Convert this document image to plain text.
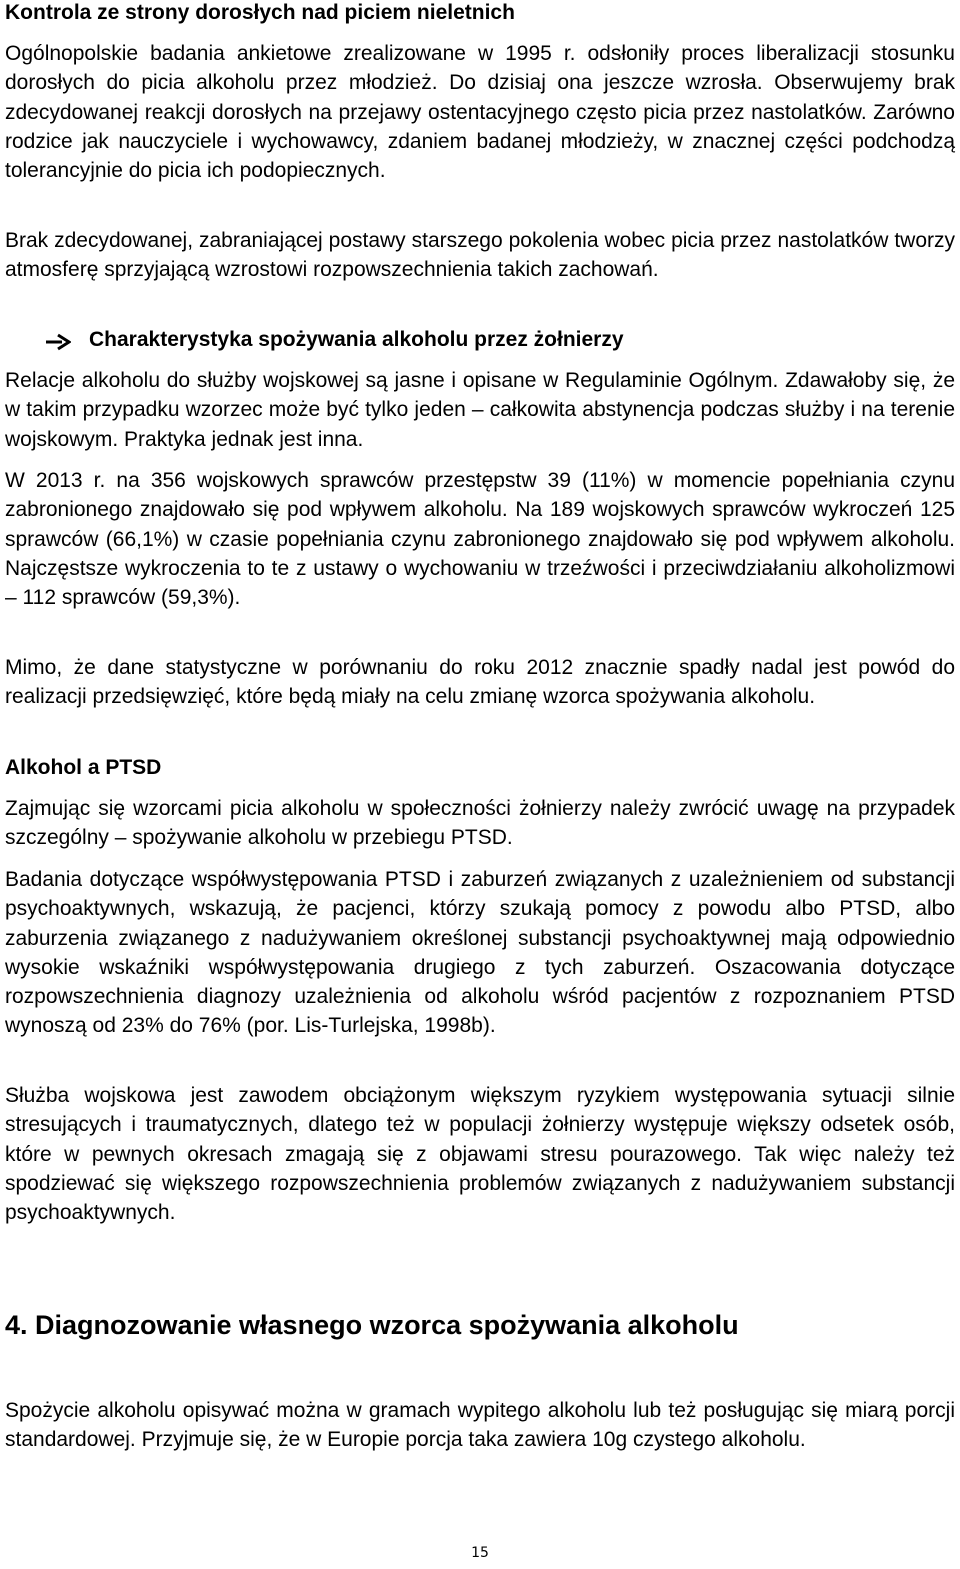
Kontrola ze strony dorosłych nad piciem nieletnich

Ogólnopolskie badania ankietowe zrealizowane w 1995 r. odsłoniły proces liberalizacji stosunku dorosłych do picia alkoholu przez młodzież. Do dzisiaj ona jeszcze wzrosła. Obserwujemy brak zdecydowanej reakcji dorosłych na przejawy ostentacyjnego często picia przez nastolatków. Zarówno rodzice jak nauczyciele i wychowawcy, zdaniem badanej młodzieży, w znacznej części podchodzą tolerancyjnie do picia ich podopiecznych.

Brak zdecydowanej, zabraniającej postawy starszego pokolenia wobec picia przez nastolatków tworzy atmosferę sprzyjającą wzrostowi rozpowszechnienia takich zachowań.

Charakterystyka spożywania alkoholu przez żołnierzy

Relacje alkoholu do służby wojskowej są jasne i opisane w Regulaminie Ogólnym. Zdawałoby się, że w takim przypadku wzorzec może być tylko jeden – całkowita abstynencja podczas służby i na terenie wojskowym. Praktyka jednak jest inna.

W 2013 r. na 356 wojskowych sprawców przestępstw 39 (11%) w momencie popełniania czynu zabronionego znajdowało się pod wpływem alkoholu. Na 189 wojskowych sprawców wykroczeń 125 sprawców (66,1%) w czasie popełniania czynu zabronionego znajdowało się pod wpływem alkoholu. Najczęstsze wykroczenia to te z ustawy o wychowaniu w trzeźwości i przeciwdziałaniu alkoholizmowi – 112 sprawców (59,3%).

Mimo, że dane statystyczne w porównaniu do roku 2012 znacznie spadły nadal jest powód do realizacji przedsięwzięć, które będą miały na celu zmianę wzorca spożywania alkoholu.

Alkohol a PTSD

Zajmując się wzorcami picia alkoholu w społeczności żołnierzy należy zwrócić uwagę na przypadek szczególny – spożywanie alkoholu w przebiegu PTSD.

Badania dotyczące współwystępowania PTSD i zaburzeń związanych z uzależnieniem od substancji psychoaktywnych, wskazują, że pacjenci, którzy szukają pomocy z powodu albo PTSD, albo zaburzenia związanego z nadużywaniem określonej substancji psychoaktywnej mają odpowiednio wysokie wskaźniki współwystępowania drugiego z tych zaburzeń. Oszacowania dotyczące rozpowszechnienia diagnozy uzależnienia od alkoholu wśród pacjentów z rozpoznaniem PTSD wynoszą od 23% do 76% (por. Lis-Turlejska, 1998b).

Służba wojskowa jest zawodem obciążonym większym ryzykiem występowania sytuacji silnie stresujących i traumatycznych, dlatego też w populacji żołnierzy występuje większy odsetek osób, które w pewnych okresach zmagają się z objawami stresu pourazowego. Tak więc należy też spodziewać się większego rozpowszechnienia problemów związanych z nadużywaniem substancji psychoaktywnych.

4. Diagnozowanie własnego wzorca spożywania alkoholu

Spożycie alkoholu opisywać można w gramach wypitego alkoholu lub też posługując się miarą porcji standardowej. Przyjmuje się, że w Europie porcja taka zawiera 10g czystego alkoholu.

15
